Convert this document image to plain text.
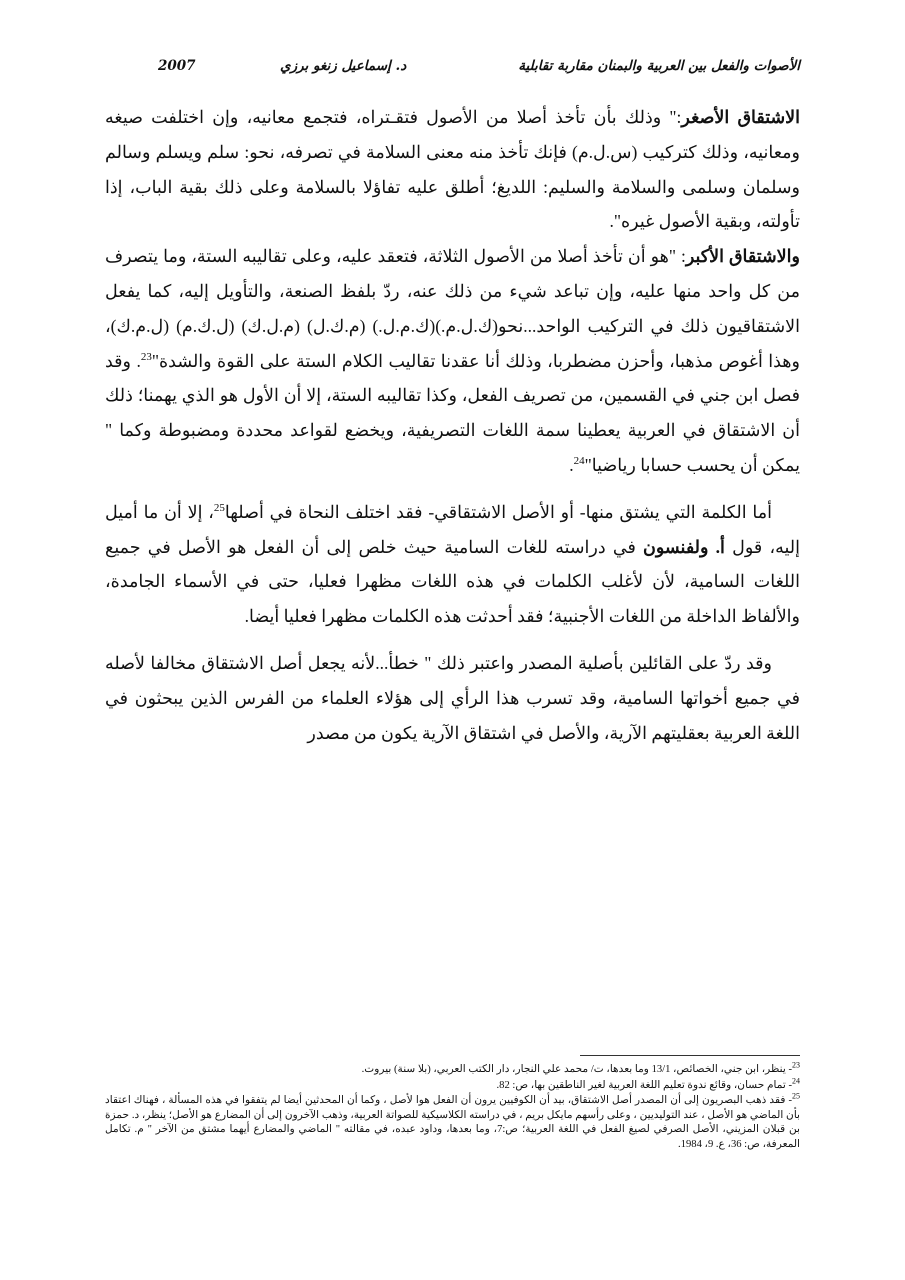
الأصوات والفعل بين العربية والبمنان مقاربة تقابلية
د. إسماعيل زنغو برزي
2007

الاشتقاق الأصغر:" وذلك بأن تأخذ أصلا من الأصول فتقـتراه، فتجمع معانيه، وإن اختلفت صيغه ومعانيه، وذلك كتركيب (س.ل.م) فإنك تأخذ منه معنى السلامة في تصرفه، نحو: سلم ويسلم وسالم وسلمان وسلمى والسلامة والسليم: اللديغ؛ أطلق عليه تفاؤلا بالسلامة وعلى ذلك بقية الباب، إذا تأولته، وبقية الأصول غيره".

والاشتقاق الأكبر: "هو أن تأخذ أصلا من الأصول الثلاثة، فتعقد عليه، وعلى تقاليبه الستة، وما يتصرف من كل واحد منها عليه، وإن تباعد شيء من ذلك عنه، ردّ بلفظ الصنعة، والتأويل إليه، كما يفعل الاشتقاقيون ذلك في التركيب الواحد...نحو(ك.ل.م.)(ك.م.ل.) (م.ك.ل) (م.ل.ك) (ل.ك.م) (ل.م.ك)، وهذا أغوص مذهبا، وأحزن مضطربا، وذلك أنا عقدنا تقاليب الكلام الستة على القوة والشدة"$^{23}$. وقد فصل ابن جني في القسمين، من تصريف الفعل، وكذا تقاليبه الستة، إلا أن الأول هو الذي يهمنا؛ ذلك أن الاشتقاق في العربية يعطينا سمة اللغات التصريفية، ويخضع لقواعد محددة ومضبوطة وكما " يمكن أن يحسب حسابا رياضيا"$^{24}$.

أما الكلمة التي يشتق منها- أو الأصل الاشتقاقي- فقد اختلف النحاة في أصلها$^{25}$، إلا أن ما أميل إليه، قول أ. ولفنسون في دراسته للغات السامية حيث خلص إلى أن الفعل هو الأصل في جميع اللغات السامية، لأن لأغلب الكلمات في هذه اللغات مظهرا فعليا، حتى في الأسماء الجامدة، والألفاظ الداخلة من اللغات الأجنبية؛ فقد أحدثت هذه الكلمات مظهرا فعليا أيضا.

وقد ردّ على القائلين بأصلية المصدر واعتبر ذلك " خطأ...لأنه يجعل أصل الاشتقاق مخالفا لأصله في جميع أخواتها السامية، وقد تسرب هذا الرأي إلى هؤلاء العلماء من الفرس الذين يبحثون في اللغة العربية بعقليتهم الآرية، والأصل في اشتقاق الآرية يكون من مصدر

$^{23}$- ينظر، ابن جني، الخصائص، 13/1 وما بعدها، ت/ محمد علي النجار، دار الكتب العربي، (بلا سنة) بيروت.

$^{24}$- تمام حسان، وقائع ندوة تعليم اللغة العربية لغير الناطقين بها، ص: 82.

$^{25}$- فقد ذهب البصريون إلى أن المصدر أصل الاشتقاق، بيد أن الكوفيين يرون أن الفعل هوا لأصل ، وكما أن المحدثين أيضا لم يتفقوا في هذه المسألة ، فهناك اعتقاد بأن الماضي هو الأصل ، عند التوليديين ، وعلى رأسهم مايكل بريم ، في دراسته الكلاسيكية للصواتة العربية، وذهب الآخرون إلى أن المضارع هو الأصل؛ ينظر، د. حمزة بن قبلان المزيني، الأصل الصرفي لصيغ الفعل في اللغة العربية؛ ص:7، وما بعدها، وداود عبده، في مقالته " الماضي والمضارع أيهما مشتق من الآخر " م. تكامل المعرفة، ص: 36، ع. 9، 1984.
